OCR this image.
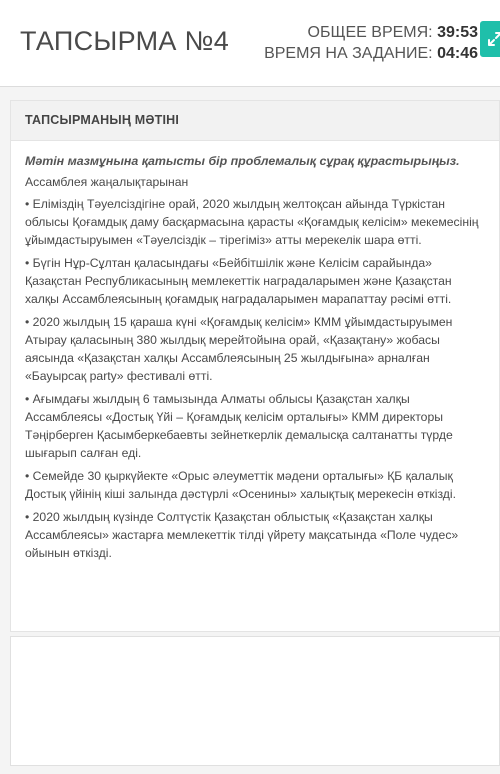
ТАПСЫРМА №4	ОБЩЕЕ ВРЕМЯ: 39:53
ВРЕМЯ НА ЗАДАНИЕ: 04:46
ТАПСЫРМАНЫҢ МӘТІНІ
Мәтін мазмұнына қатысты бір проблемалық сұрақ құрастырыңыз.
Ассамблея жаңалықтарынан
• Еліміздің Тәуелсіздігіне орай, 2020 жылдың желтоқсан айында Түркістан облысы Қоғамдық даму басқармасына қарасты «Қоғамдық келісім» мекемесінің ұйымдастыруымен «Тәуелсіздік – тірегіміз» атты мерекелік шара өтті.
• Бүгін Нұр-Сұлтан қаласындағы «Бейбітшілік және Келісім сарайында» Қазақстан Республикасының мемлекеттік наградаларымен және Қазақстан халқы Ассамблеясының қоғамдық наградаларымен марапаттау рәсімі өтті.
• 2020 жылдың 15 қараша күні «Қоғамдық келісім» КММ ұйымдастыруымен Атырау қаласының 380 жылдық мерейтойына орай, «Қазақтану» жобасы аясында «Қазақстан халқы Ассамблеясының 25 жылдығына» арналған «Бауырсақ party» фестивалі өтті.
• Ағымдағы жылдың 6 тамызында Алматы облысы Қазақстан халқы Ассамблеясы «Достық Үйі – Қоғамдық келісім орталығы» КММ директоры Тәңірберген Қасымберкебаевты зейнеткерлік демалысқа салтанатты түрде шығарып салған еді.
• Семейде 30 қыркүйекте «Орыс әлеуметтік мәдени орталығы» ҚБ қалалық Достық үйінің кіші залында дәстүрлі «Осенины» халықтық мерекесін өткізді.
• 2020 жылдың күзінде Солтүстік Қазақстан облыстық «Қазақстан халқы Ассамблеясы» жастарға мемлекеттік тілді үйрету мақсатында «Поле чудес» ойынын өткізді.
